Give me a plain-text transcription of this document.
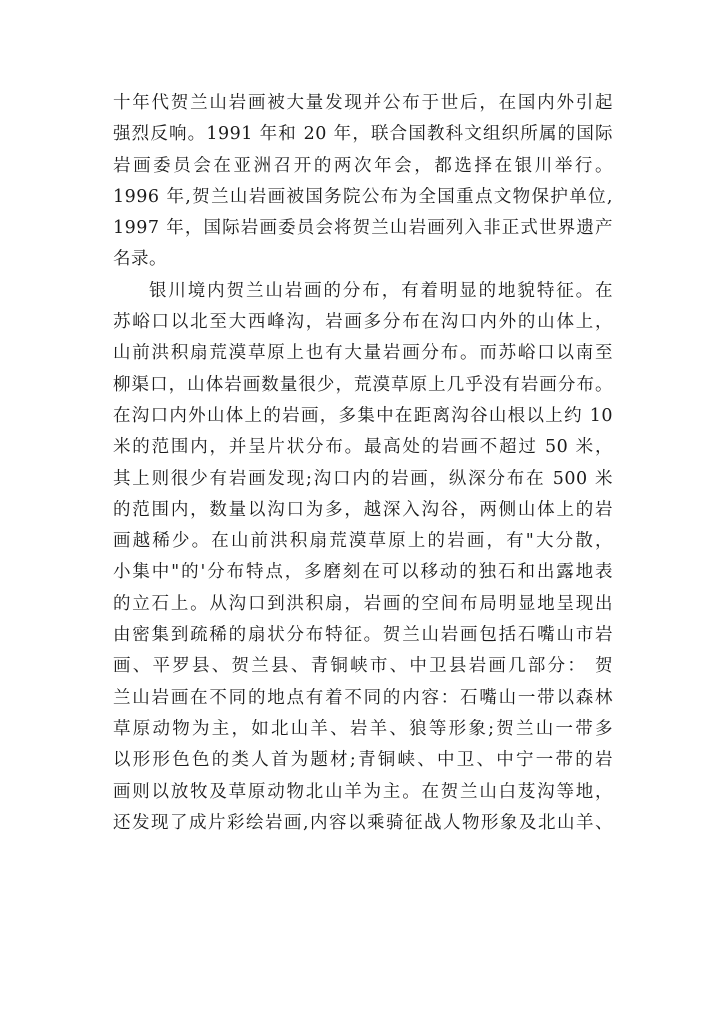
十年代贺兰山岩画被大量发现并公布于世后，在国内外引起
强烈反响。1991 年和 20 年，联合国教科文组织所属的国际
岩画委员会在亚洲召开的两次年会，都选择在银川举行。
1996 年,贺兰山岩画被国务院公布为全国重点文物保护单位,
1997 年，国际岩画委员会将贺兰山岩画列入非正式世界遗产
名录。
银川境内贺兰山岩画的分布，有着明显的地貌特征。在
苏峪口以北至大西峰沟，岩画多分布在沟口内外的山体上，
山前洪积扇荒漠草原上也有大量岩画分布。而苏峪口以南至
柳渠口，山体岩画数量很少，荒漠草原上几乎没有岩画分布。
在沟口内外山体上的岩画，多集中在距离沟谷山根以上约 10
米的范围内，并呈片状分布。最高处的岩画不超过 50 米，
其上则很少有岩画发现;沟口内的岩画，纵深分布在 500 米
的范围内，数量以沟口为多，越深入沟谷，两侧山体上的岩
画越稀少。在山前洪积扇荒漠草原上的岩画，有"大分散，
小集中"的'分布特点，多磨刻在可以移动的独石和出露地表
的立石上。从沟口到洪积扇，岩画的空间布局明显地呈现出
由密集到疏稀的扇状分布特征。贺兰山岩画包括石嘴山市岩
画、平罗县、贺兰县、青铜峡市、中卫县岩画几部分： 贺
兰山岩画在不同的地点有着不同的内容：石嘴山一带以森林
草原动物为主，如北山羊、岩羊、狼等形象;贺兰山一带多
以形形色色的类人首为题材;青铜峡、中卫、中宁一带的岩
画则以放牧及草原动物北山羊为主。在贺兰山白芨沟等地，
还发现了成片彩绘岩画,内容以乘骑征战人物形象及北山羊、
